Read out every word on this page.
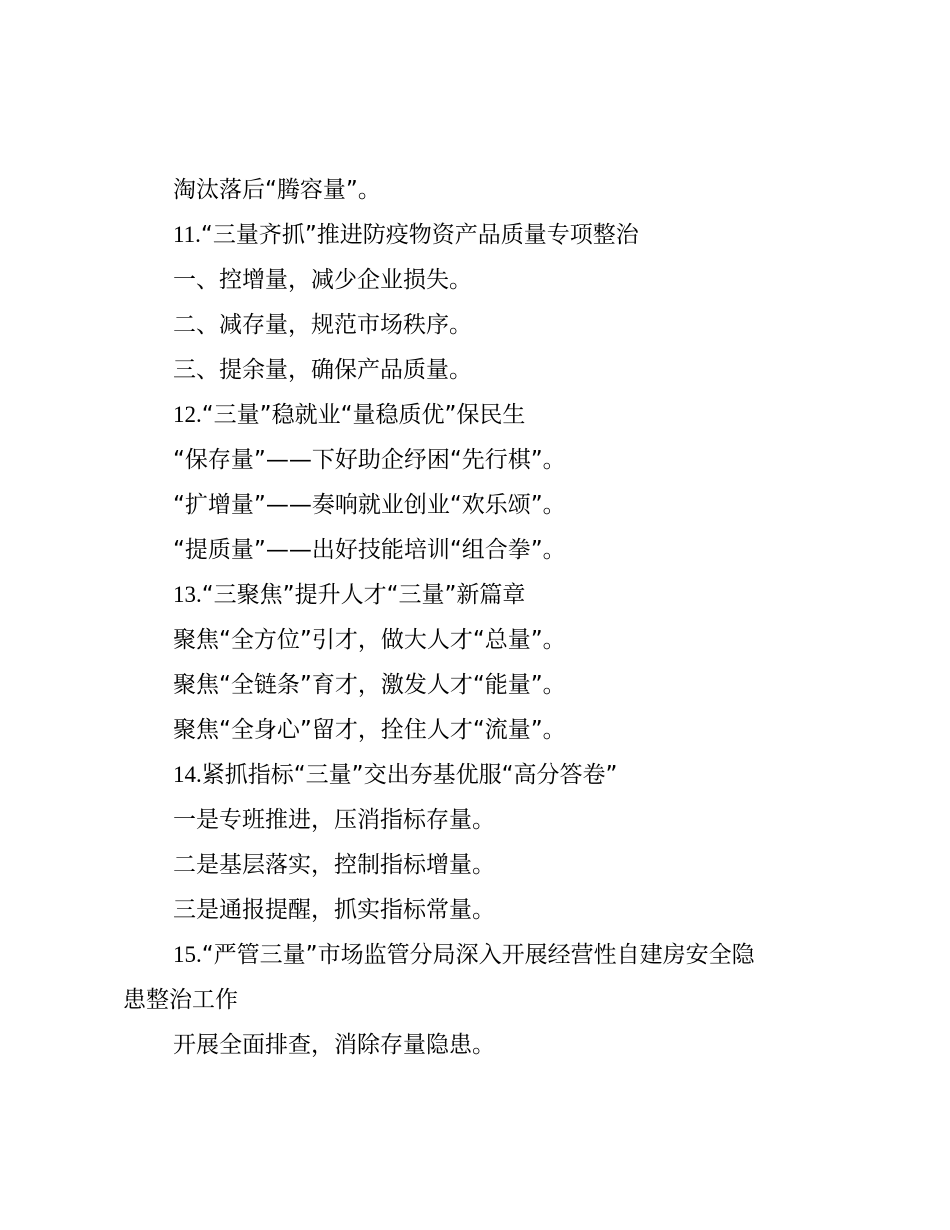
淘汰落后“腾容量”。
11.“三量齐抓”推进防疫物资产品质量专项整治
一、控增量，减少企业损失。
二、减存量，规范市场秩序。
三、提余量，确保产品质量。
12.“三量”稳就业“量稳质优”保民生
“保存量”——下好助企纾困“先行棋”。
“扩增量”——奏响就业创业“欢乐颂”。
“提质量”——出好技能培训“组合拳”。
13.“三聚焦”提升人才“三量”新篇章
聚焦“全方位”引才，做大人才“总量”。
聚焦“全链条”育才，激发人才“能量”。
聚焦“全身心”留才，拴住人才“流量”。
14.紧抓指标“三量”交出夯基优服“高分答卷”
一是专班推进，压消指标存量。
二是基层落实，控制指标增量。
三是通报提醒，抓实指标常量。
15.“严管三量”市场监管分局深入开展经营性自建房安全隐
患整治工作
开展全面排查，消除存量隐患。
